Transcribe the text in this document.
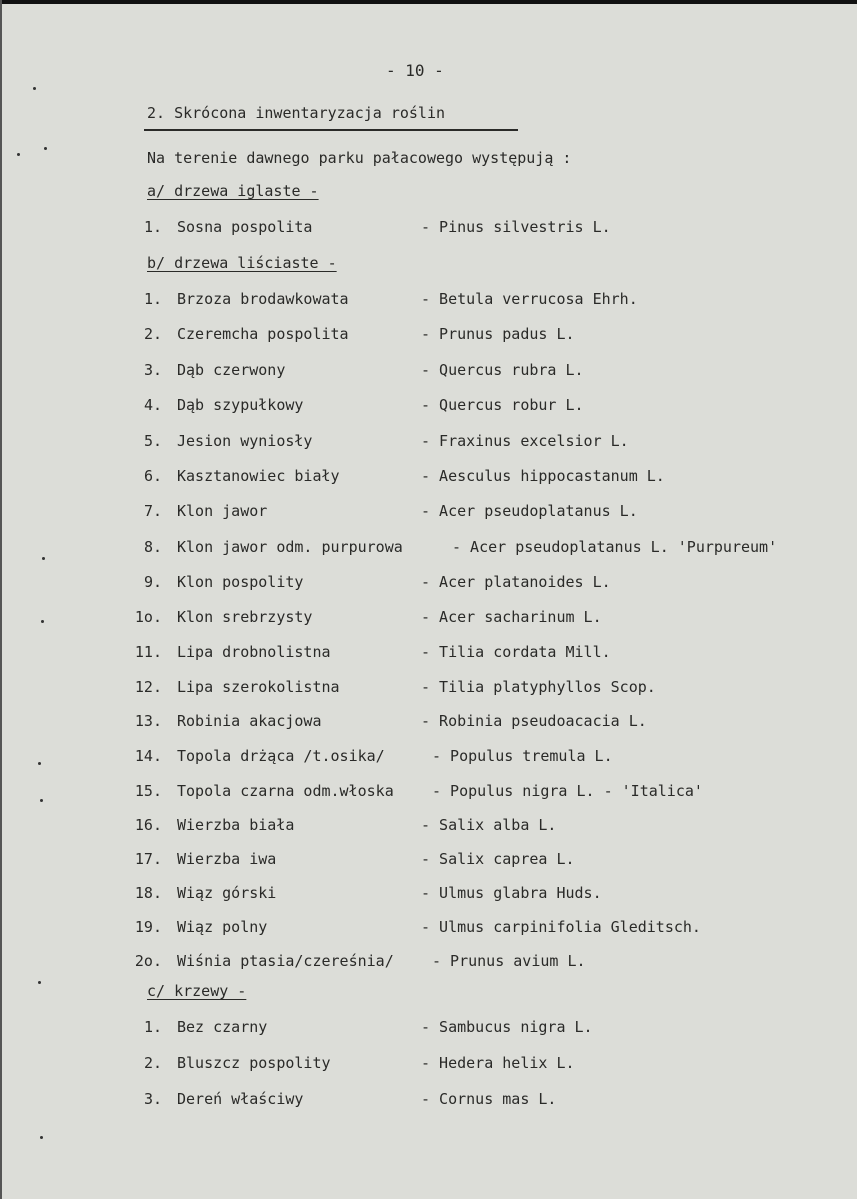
- 10 -
2. Skrócona inwentaryzacja roślin
Na terenie dawnego parku pałacowego występują :
a/ drzewa iglaste -
1. Sosna pospolita	- Pinus silvestris L.
b/ drzewa liściaste -
1. Brzoza brodawkowata	- Betula verrucosa Ehrh.
2. Czeremcha pospolita	- Prunus padus L.
3. Dąb czerwony	- Quercus rubra L.
4. Dąb szypułkowy	- Quercus robur L.
5. Jesion wyniosły	- Fraxinus excelsior L.
6. Kasztanowiec biały	- Aesculus hippocastanum L.
7. Klon jawor	- Acer pseudoplatanus L.
8. Klon jawor odm. purpurowa	- Acer pseudoplatanus L. 'Purpureum'
9. Klon pospolity	- Acer platanoides L.
1o. Klon srebrzysty	- Acer sacharinum L.
11. Lipa drobnolistna	- Tilia cordata Mill.
12. Lipa szerokolistna	- Tilia platyphyllos Scop.
13. Robinia akacjowa	- Robinia pseudoacacia L.
14. Topola drżąca /t.osika/	- Populus tremula L.
15. Topola czarna odm.włoska	- Populus nigra L. - 'Italica'
16. Wierzba biała	- Salix alba L.
17. Wierzba iwa	- Salix caprea L.
18. Wiąz górski	- Ulmus glabra Huds.
19. Wiąz polny	- Ulmus carpinifolia Gleditsch.
2o. Wiśnia ptasia/czereśnia/	- Prunus avium L.
c/ krzewy -
1. Bez czarny	- Sambucus nigra L.
2. Bluszcz pospolity	- Hedera helix L.
3. Dereń właściwy	- Cornus mas L.
